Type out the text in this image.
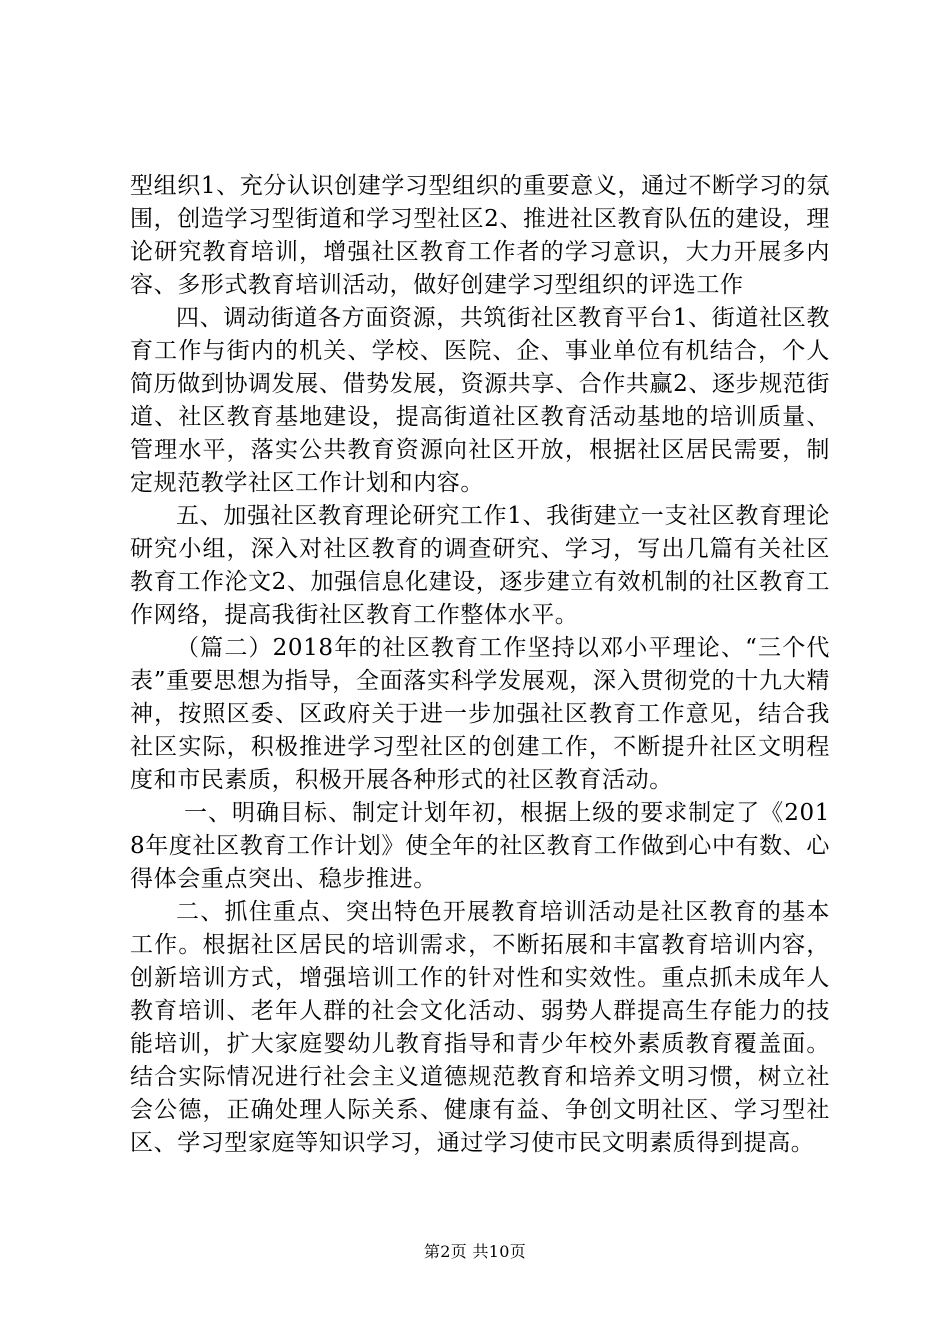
型组织1、充分认识创建学习型组织的重要意义，通过不断学习的氛围，创造学习型街道和学习型社区2、推进社区教育队伍的建设，理论研究教育培训，增强社区教育工作者的学习意识，大力开展多内容、多形式教育培训活动，做好创建学习型组织的评选工作

四、调动街道各方面资源，共筑街社区教育平台1、街道社区教育工作与街内的机关、学校、医院、企、事业单位有机结合，个人简历做到协调发展、借势发展，资源共享、合作共赢2、逐步规范街道、社区教育基地建设，提高街道社区教育活动基地的培训质量、管理水平，落实公共教育资源向社区开放，根据社区居民需要，制定规范教学社区工作计划和内容。

五、加强社区教育理论研究工作1、我街建立一支社区教育理论研究小组，深入对社区教育的调查研究、学习，写出几篇有关社区教育工作沦文2、加强信息化建设，逐步建立有效机制的社区教育工作网络，提高我街社区教育工作整体水平。

（篇二）2018年的社区教育工作坚持以邓小平理论、“三个代表”重要思想为指导，全面落实科学发展观，深入贯彻党的十九大精神，按照区委、区政府关于进一步加强社区教育工作意见，结合我社区实际，积极推进学习型社区的创建工作，不断提升社区文明程度和市民素质，积极开展各种形式的社区教育活动。

一、明确目标、制定计划年初，根据上级的要求制定了《2018年度社区教育工作计划》使全年的社区教育工作做到心中有数、心得体会重点突出、稳步推进。

二、抓住重点、突出特色开展教育培训活动是社区教育的基本工作。根据社区居民的培训需求，不断拓展和丰富教育培训内容，创新培训方式，增强培训工作的针对性和实效性。重点抓未成年人教育培训、老年人群的社会文化活动、弱势人群提高生存能力的技能培训，扩大家庭婴幼儿教育指导和青少年校外素质教育覆盖面。结合实际情况进行社会主义道德规范教育和培养文明习惯，树立社会公德，正确处理人际关系、健康有益、争创文明社区、学习型社区、学习型家庭等知识学习，通过学习使市民文明素质得到提高。

第2页 共10页
